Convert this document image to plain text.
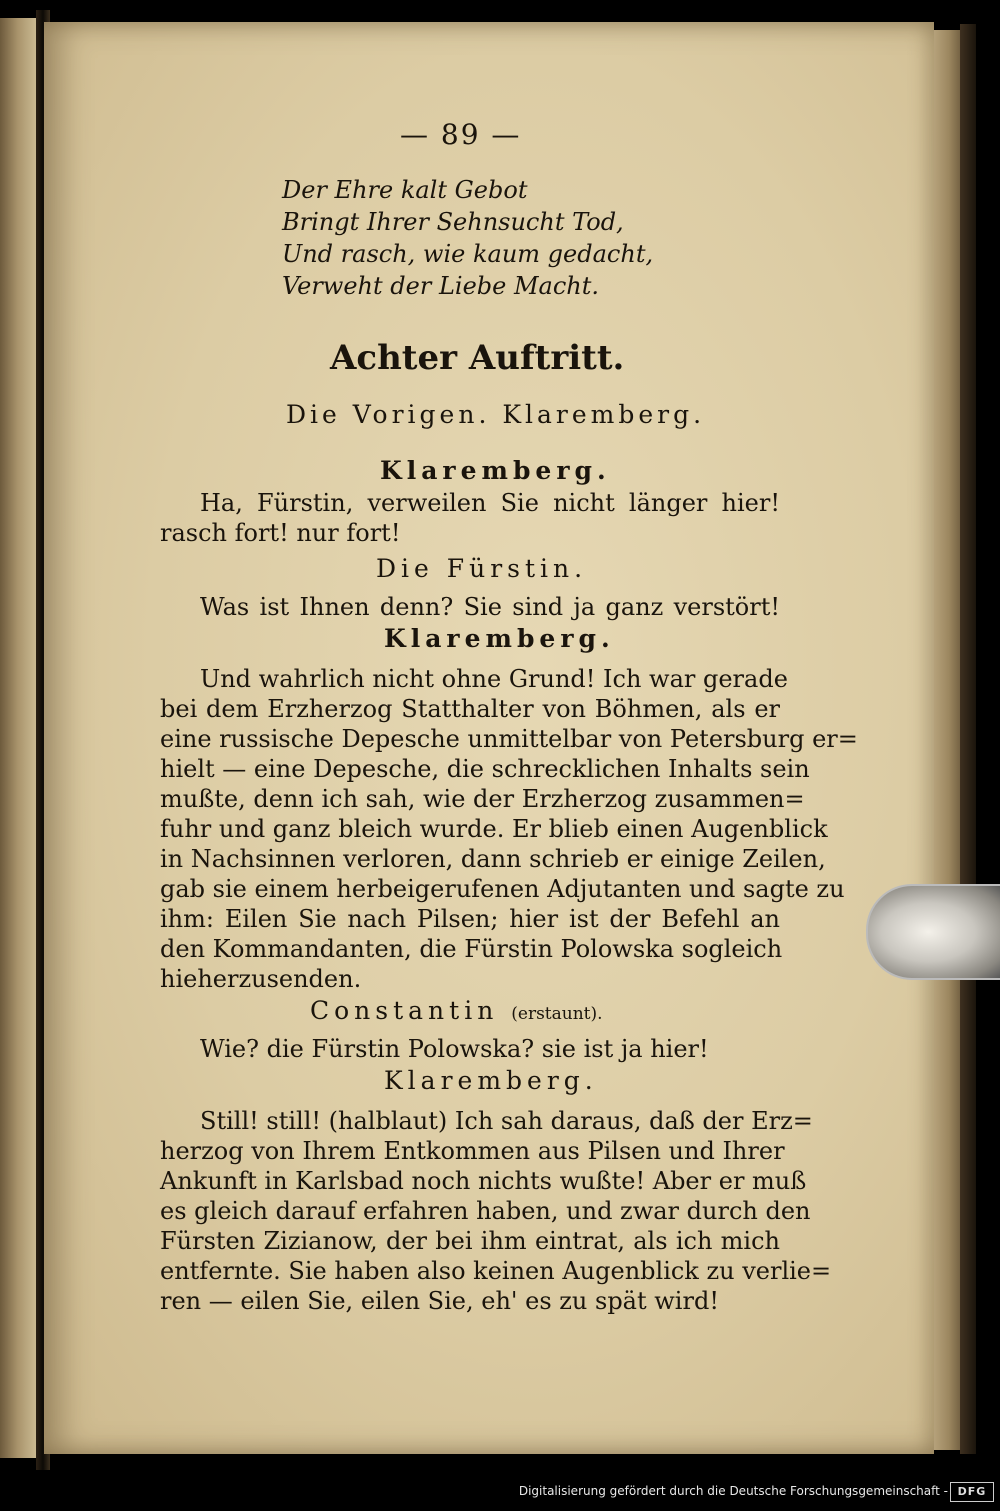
— 89 —
Der Ehre kalt Gebot
Bringt Ihrer Sehnsucht Tod,
Und rasch, wie kaum gedacht,
Verweht der Liebe Macht.
Achter Auftritt.
Die Vorigen. Klaremberg.
Klaremberg.
Ha, Fürstin, verweilen Sie nicht länger hier!
rasch fort! nur fort!
Die Fürstin.
Was ist Ihnen denn? Sie sind ja ganz verstört!
Klaremberg.
Und wahrlich nicht ohne Grund! Ich war gerade
bei dem Erzherzog Statthalter von Böhmen, als er
eine russische Depesche unmittelbar von Petersburg er=
hielt — eine Depesche, die schrecklichen Inhalts sein
mußte, denn ich sah, wie der Erzherzog zusammen=
fuhr und ganz bleich wurde. Er blieb einen Augenblick
in Nachsinnen verloren, dann schrieb er einige Zeilen,
gab sie einem herbeigerufenen Adjutanten und sagte zu
ihm: Eilen Sie nach Pilsen; hier ist der Befehl an
den Kommandanten, die Fürstin Polowska sogleich
hieherzusenden.
Constantin (erstaunt).
Wie? die Fürstin Polowska? sie ist ja hier!
Klaremberg.
Still! still! (halblaut) Ich sah daraus, daß der Erz=
herzog von Ihrem Entkommen aus Pilsen und Ihrer
Ankunft in Karlsbad noch nichts wußte! Aber er muß
es gleich darauf erfahren haben, und zwar durch den
Fürsten Zizianow, der bei ihm eintrat, als ich mich
entfernte. Sie haben also keinen Augenblick zu verlie=
ren — eilen Sie, eilen Sie, eh' es zu spät wird!
Digitalisierung gefördert durch die Deutsche Forschungsgemeinschaft - DFG
